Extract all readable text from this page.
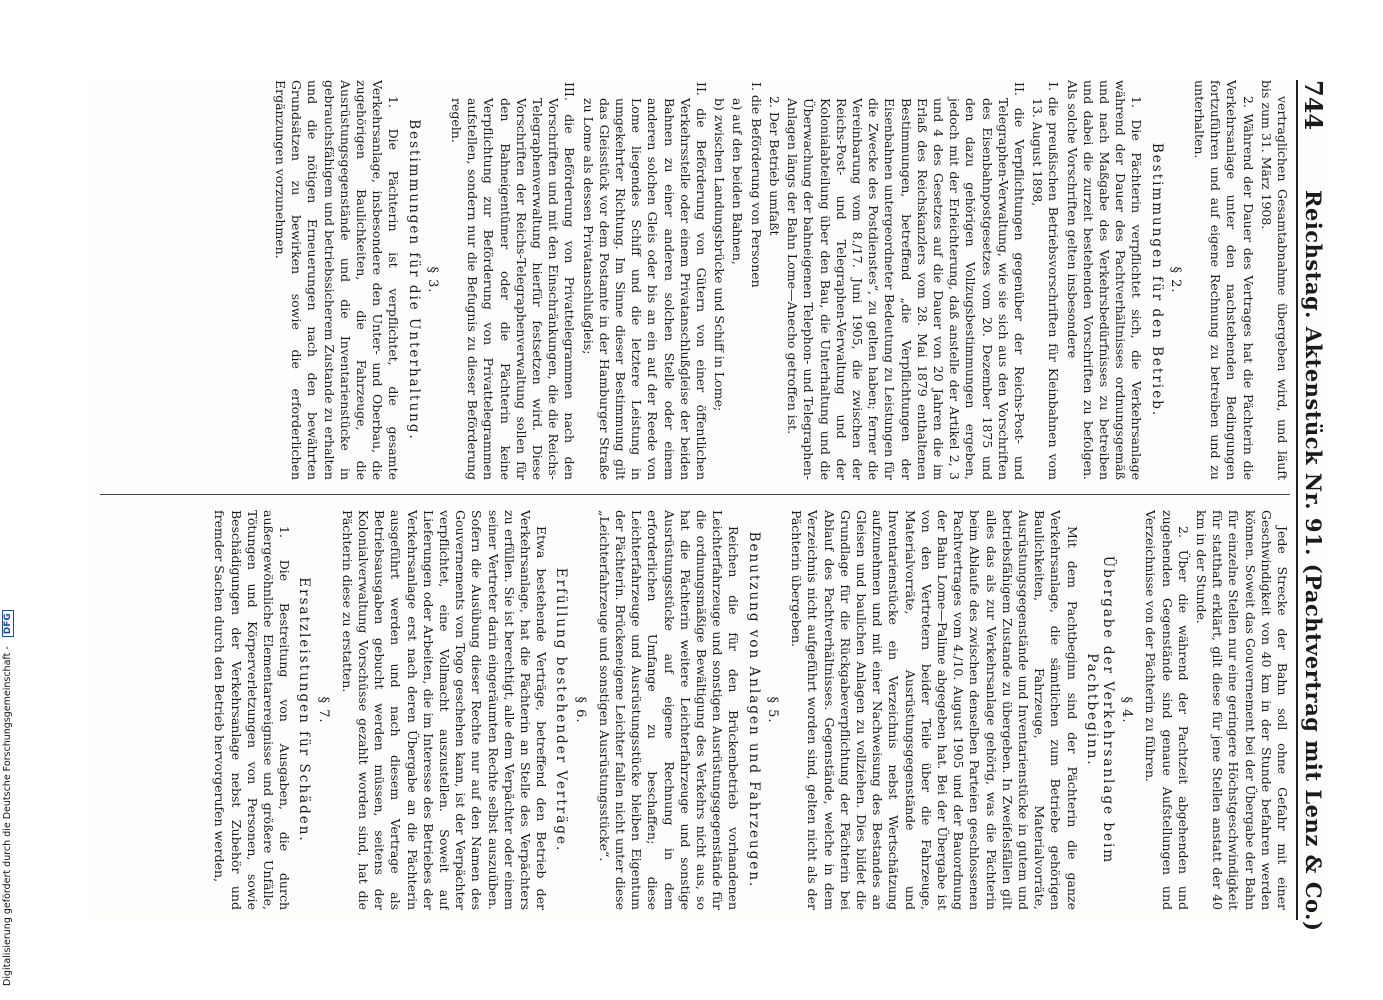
744
Reichstag. Aktenstück Nr. 91. (Pachtvertrag mit Lenz & Co.)

vertraglichen Gesamtabnahme übergeben wird, und läuft bis zum 31. März 1908.

2. Während der Dauer des Vertrages hat die Pächterin die Verkehrsanlage unter den nachstehenden Bedingungen fortzuführen und auf eigene Rechnung zu betreiben und zu unterhalten.

§ 2.

Bestimmungen für den Betrieb.

1. Die Pächterin verpflichtet sich, die Verkehrsanlage während der Dauer des Pachtverhältnisses ordnungsgemäß und nach Maßgabe des Verkehrsbedürfnisses zu betreiben und dabei die zurzeit bestehenden Vorschriften zu befolgen. Als solche Vorschriften gelten insbesondere

I. die preußischen Betriebsvorschriften für Kleinbahnen vom 13. August 1898,

II. die Verpflichtungen gegenüber der Reichs-Post- und Telegraphen-Verwaltung, wie sie sich aus den Vorschriften des Eisenbahnpostgesetzes vom 20. Dezember 1875 und den dazu gehörigen Vollzugsbestimmungen ergeben, jedoch mit der Erleichterung, daß anstelle der Artikel 2, 3 und 4 des Gesetzes auf die Dauer von 20 Jahren die im Erlaß des Reichskanzlers vom 28. Mai 1879 enthaltenen Bestimmungen, betreffend „die Verpflichtungen der Eisenbahnen untergeordneter Bedeutung zu Leistungen für die Zwecke des Postdienstes“, zu gelten haben; ferner die Vereinbarung vom 8./17. Juni 1905, die zwischen der Reichs-Post- und Telegraphen-Verwaltung und der Kolonialabteilung über den Bau, die Unterhaltung und die Überwachung der bahneigenen Telephon- und Telegraphen-Anlagen längs der Bahn Lome—Anecho getroffen ist.

2. Der Betrieb umfaßt

I. die Beförderung von Personen

a) auf den beiden Bahnen,

b) zwischen Landungsbrücke und Schiff in Lome;

II. die Beförderung von Gütern von einer öffentlichen Verkehrsstelle oder einem Privatanschlußgleise der beiden Bahnen zu einer anderen solchen Stelle oder einem anderen solchen Gleis oder bis an ein auf der Reede von Lome liegendes Schiff und die letztere Leistung in umgekehrter Richtung. Im Sinne dieser Bestimmung gilt das Gleisstück vor dem Postamte in der Hamburger Straße zu Lome als dessen Privatanschlußgleis;

III. die Beförderung von Privattelegrammen nach den Vorschriften und mit den Einschränkungen, die die Reichs-Telegraphenverwaltung hierfür festsetzen wird. Diese Vorschriften der Reichs-Telegraphenverwaltung sollen für den Bahneigentümer oder die Pächterin keine Verpflichtung zur Beförderung von Privattelegrammen aufstellen, sondern nur die Befugnis zu dieser Beförderung regeln.

§ 3.

Bestimmungen für die Unterhaltung.

1. Die Pächterin ist verpflichtet, die gesamte Verkehrsanlage, insbesondere den Unter- und Oberbau, die zugehörigen Baulichkeiten, die Fahrzeuge, die Ausrüstungsgegenstände und die Inventarienstücke in gebrauchsfähigem und betriebssicherem Zustande zu erhalten und die nötigen Erneuerungen nach den bewährten Grundsätzen zu bewirken sowie die erforderlichen Ergänzungen vorzunehmen.

Jede Strecke der Bahn soll ohne Gefahr mit einer Geschwindigkeit von 40 km in der Stunde befahren werden können. Soweit das Gouvernement bei der Übergabe der Bahn für einzelne Stellen nur eine geringere Höchstgeschwindigkeit für statthaft erklärt, gilt diese für jene Stellen anstatt der 40 km in der Stunde.

2. Über die während der Pachtzeit abgehenden und zugehenden Gegenstände sind genaue Aufstellungen und Verzeichnisse von der Pächterin zu führen.

§ 4.

Übergabe der Verkehrsanlage beim Pachtbeginn.

Mit dem Pachtbeginn sind der Pächterin die ganze Verkehrsanlage, die sämtlichen zum Betriebe gehörigen Baulichkeiten, Fahrzeuge, Materialvorräte, Ausrüstungsgegenstände und Inventarienstücke in gutem und betriebsfähigem Zustande zu übergeben. In Zweifelsfällen gilt alles das als zur Verkehrsanlage gehörig, was die Pächterin beim Ablaufe des zwischen denselben Parteien geschlossenen Pachtvertrages vom 4./10. August 1905 und der Bauordnung der Bahn Lome—Palime abgegeben hat. Bei der Übergabe ist von den Vertretern beider Teile über die Fahrzeuge, Materialvorräte, Ausrüstungsgegenstände und Inventarienstücke ein Verzeichnis nebst Wertschätzung aufzunehmen und mit einer Nachweisung des Bestandes an Gleisen und baulichen Anlagen zu vollziehen. Dies bildet die Grundlage für die Rückgabeverpflichtung der Pächterin bei Ablauf des Pachtverhältnisses. Gegenstände, welche in dem Verzeichnis nicht aufgeführt worden sind, gelten nicht als der Pächterin übergeben.

§ 5.

Benutzung von Anlagen und Fahrzeugen.

Reichen die für den Brückenbetrieb vorhandenen Leichterfahrzeuge und sonstigen Ausrüstungsgegenstände für die ordnungsmäßige Bewältigung des Verkehrs nicht aus, so hat die Pächterin weitere Leichterfahrzeuge und sonstige Ausrüstungsstücke auf eigene Rechnung in dem erforderlichen Umfange zu beschaffen; diese Leichterfahrzeuge und Ausrüstungsstücke bleiben Eigentum der Pächterin. Brückeneigene Leichter fallen nicht unter diese „Leichterfahrzeuge und sonstigen Ausrüstungsstücke“.

§ 6.

Erfüllung bestehender Verträge.

Etwa bestehende Verträge, betreffend den Betrieb der Verkehrsanlage, hat die Pächterin an Stelle des Verpächters zu erfüllen. Sie ist berechtigt, alle dem Verpächter oder einem seiner Vertreter darin eingeräumten Rechte selbst auszuüben. Sofern die Ausübung dieser Rechte nur auf den Namen des Gouvernements von Togo geschehen kann, ist der Verpächter verpflichtet, eine Vollmacht auszustellen. Soweit auf Lieferungen oder Arbeiten, die im Interesse des Betriebes der Verkehrsanlage erst nach deren Übergabe an die Pächterin ausgeführt werden und nach diesem Vertrage als Betriebsausgaben gebucht werden müssen, seitens der Kolonialverwaltung Vorschüsse gezahlt worden sind, hat die Pächterin diese zu erstatten.

§ 7.

Ersatzleistungen für Schäden.

1. Die Bestreitung von Ausgaben, die durch außergewöhnliche Elementarereignisse und größere Unfälle, Tötungen und Körperverletzungen von Personen, sowie Beschädigungen der Verkehrsanlage nebst Zubehör und fremder Sachen durch den Betrieb hervorgerufen werden,

Digitalisierung gefördert durch die Deutsche Forschungsgemeinschaft - DFG
